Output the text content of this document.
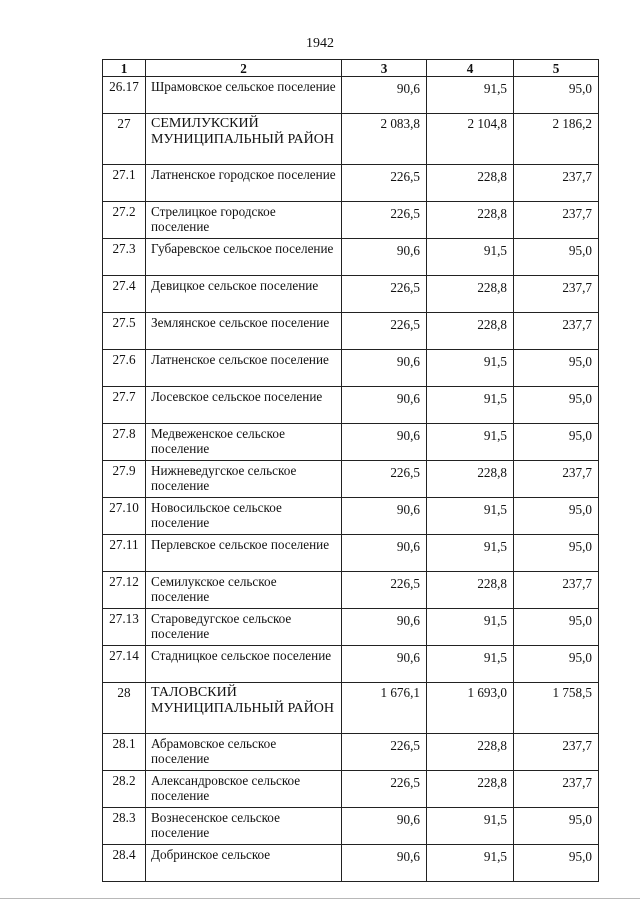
1942
1	2	3	4	5
26.17	Шрамовское сельское поселение	90,6	91,5	95,0
27	СЕМИЛУКСКИЙ МУНИЦИПАЛЬНЫЙ РАЙОН	2 083,8	2 104,8	2 186,2
27.1	Латненское городское поселение	226,5	228,8	237,7
27.2	Стрелицкое городское поселение	226,5	228,8	237,7
27.3	Губаревское сельское поселение	90,6	91,5	95,0
27.4	Девицкое сельское поселение	226,5	228,8	237,7
27.5	Землянское сельское поселение	226,5	228,8	237,7
27.6	Латненское сельское поселение	90,6	91,5	95,0
27.7	Лосевское сельское поселение	90,6	91,5	95,0
27.8	Медвеженское сельское поселение	90,6	91,5	95,0
27.9	Нижневедугское сельское поселение	226,5	228,8	237,7
27.10	Новосильское сельское поселение	90,6	91,5	95,0
27.11	Перлевское сельское поселение	90,6	91,5	95,0
27.12	Семилукское сельское поселение	226,5	228,8	237,7
27.13	Староведугское сельское поселение	90,6	91,5	95,0
27.14	Стадницкое сельское поселение	90,6	91,5	95,0
28	ТАЛОВСКИЙ МУНИЦИПАЛЬНЫЙ РАЙОН	1 676,1	1 693,0	1 758,5
28.1	Абрамовское сельское поселение	226,5	228,8	237,7
28.2	Александровское сельское поселение	226,5	228,8	237,7
28.3	Вознесенское сельское поселение	90,6	91,5	95,0
28.4	Добринское сельское	90,6	91,5	95,0
